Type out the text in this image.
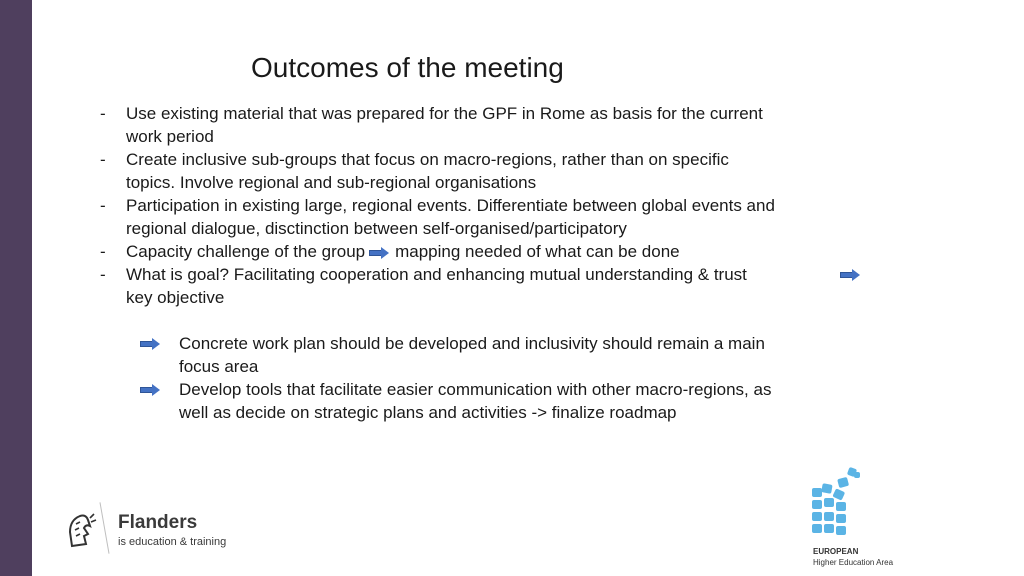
Outcomes of the meeting
- Use existing material that was prepared for the GPF in Rome as basis for the current
work period
- Create inclusive sub-groups that focus on macro-regions, rather than on specific
topics. Involve regional and sub-regional organisations
- Participation in existing large, regional events. Differentiate between global events and
regional dialogue, disctinction between self-organised/participatory
- Capacity challenge of the group mapping needed of what can be done
- What is goal? Facilitating cooperation and enhancing mutual understanding & trust
key objective
Concrete work plan should be developed and inclusivity should remain a main
focus area
Develop tools that facilitate easier communication with other macro-regions, as
well as decide on strategic plans and activities -> finalize roadmap
Flanders
is education & training
EUROPEAN
Higher Education Area
